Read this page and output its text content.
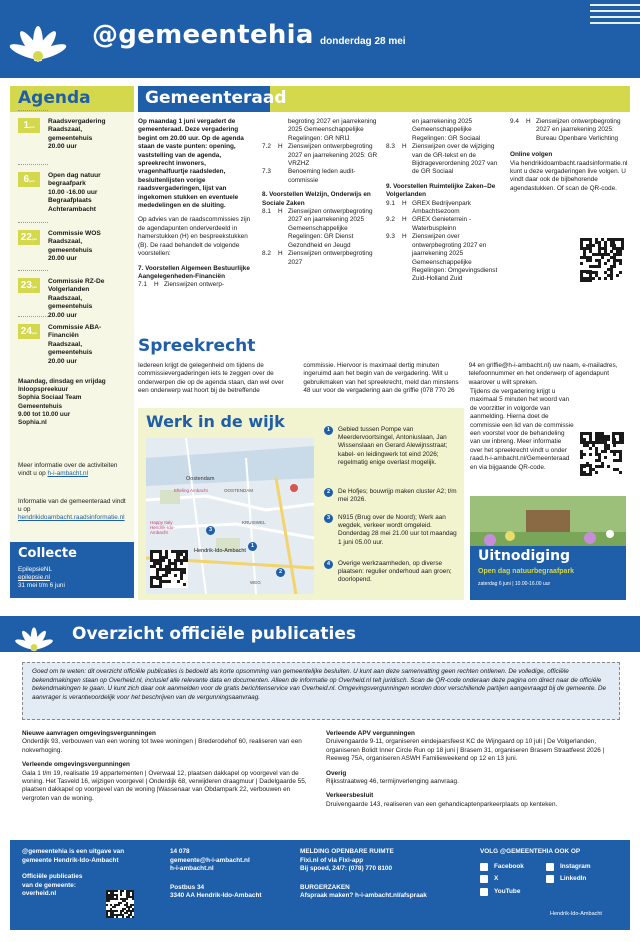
@gemeentehia donderdag 28 mei
Agenda
1juni
Raadsvergadering
Raadszaal,
gemeentehuis
20.00 uur
6juni
Open dag natuur begraafpark
10.00 -16.00 uur
Begraafplaats
Achterambacht
22juni
Commissie WOS
Raadszaal,
gemeentehuis
20.00 uur
23juni
Commissie RZ-De Volgerlanden
Raadszaal,
gemeentehuis
20.00 uur
24juni
Commissie ABA-Financiën
Raadszaal,
gemeentehuis
20.00 uur
Maandag, dinsdag en vrijdag
Inloopspreekuur
Sophia Sociaal Team
Gemeentehuis
9.00 tot 10.00 uur
Sophia.nl
Meer informatie over de activiteiten vindt u op h-i-ambacht.nl
Informatie van de gemeenteraad vindt u op hendrikidoambacht.raadsinformatie.nl
Collecte
EpilepsieNL
epilepsie.nl
31 mei t/m 6 juni
Gemeenteraad
Op maandag 1 juni vergadert de gemeenteraad. Deze vergadering begint om 20.00 uur. Op de agenda staan de vaste punten: opening, vaststelling van de agenda, spreekrecht inwoners, vragenhalfuurtje raadsleden, besluitenlijsten vorige raadsvergaderingen, lijst van ingekomen stukken en eventuele mededelingen en de sluiting.
Op advies van de raadscommissies zijn de agendapunten onderverdeeld in hamerstukken (H) en bespreekstukken (B). De raad behandelt de volgende voorstellen:
7. Voorstellen Algemeen Bestuurlijke Aangelegenheden-Financiën
7.1	H Zienswijzen ontwerp-
begroting 2027 en jaarrekening 2025 Gemeenschappelijke Regelingen: GR NRIJ
7.2	H Zienswijzen ontwerpbegroting 2027 en jaarrekening 2025: GR VRZHZ
7.3	Benoeming leden audit-commissie
8. Voorstellen Welzijn, Onderwijs en Sociale Zaken
8.1	H Zienswijzen ontwerpbegroting 2027 en jaarrekening 2025 Gemeenschappelijke Regelingen: GR Dienst Gezondheid en Jeugd
8.2	H Zienswijzen ontwerpbegroting 2027
en jaarrekening 2025 Gemeenschappelijke Regelingen: GR Sociaal
8.3	H Zienswijzen over de wijziging van de GR-tekst en de Bijdrageverordening 2027 van de GR Sociaal
9. Voorstellen Ruimtelijke Zaken–De Volgerlanden
9.1	H GREX Bedrijvenpark Ambachtsezoom
9.2	H GREX Genieterrein - Waterbuspleinn
9.3	H Zienswijzen over ontwerpbegroting 2027 en jaarrekening 2025 Gemeenschappelijke Regelingen: Omgevingsdienst Zuid-Holland Zuid
9.4	H Zienswijzen ontwerpbegroting 2027 en jaarrekening 2025: Bureau Openbare Verlichting
Online volgen
Via hendrikidoambacht.raadsinformatie.nl kunt u deze vergaderingen live volgen. U vindt daar ook de bijbehorende agendastukken. Of scan de QR-code.
Spreekrecht
Iedereen krijgt de gelegenheid om tijdens de commissievergaderingen iets te zeggen over de onderwerpen die op de agenda staan, dan wel over een onderwerp wat hoort bij de betreffende commissie. Hiervoor is maximaal dertig minuten ingeruimd aan het begin van de vergadering. Wilt u gebruikmaken van het spreekrecht, meld dan minstens 48 uur voor de vergadering aan de griffie (078 770 26 94 en griffie@h-i-ambacht.nl) uw naam, e-mailadres, telefoonnummer en het onderwerp of agendapunt waarover u wilt spreken.
Tijdens de vergadering krijgt u maximaal 5 minuten het woord van de voorzitter in volgorde van aanmelding. Hierna doet de commissie een lid van de commissie een voorstel voor de behandeling van uw inbreng. Meer informatie over het spreekrecht vindt u onder raad.h-i-ambacht.nl/Gemeenteraad en via bijgaande QR-code.
Werk in de wijk
Oostendam
OOSTENDAM
KRUISWEL
Hendrik-Ido-Ambacht
Happy Italy Hendrik-Ido-Ambacht
WEG
Efteling Ambacht
3
1
2
1	Gebied tussen Pompe van Meerdervoortsingel, Antoniuslaan, Jan Wissenslaan en Gerard Alewijnsstraat; kabel- en leidingwerk tot eind 2026; regelmatig enige overlast mogelijk.
2	De Hofjes; bouwrijp maken cluster A2; t/m mei 2026.
3	N915 (Brug over de Noord); Werk aan wegdek, verkeer wordt omgeleid. Donderdag 28 mei 21.00 uur tot maandag 1 juni 05.00 uur.
4	Overige werkzaamheden, op diverse plaatsen: regulier onderhoud aan groen; doorlopend.
Uitnodiging
Open dag natuurbegraafpark
zaterdag 6 juni | 10.00-16.00 uur
Overzicht officiële publicaties
Goed om te weten: dit overzicht officiële publicaties is bedoeld als korte opsomming van gemeentelijke besluiten. U kunt aan deze samenvatting geen rechten ontlenen. De volledige, officiële bekendmakingen staan op Overheid.nl, inclusief alle relevante data en documenten. Alleen de informatie op Overheid.nl telt juridisch. Scan de QR-code onderaan deze pagina om direct naar de officiële bekendmakingen te gaan. U kunt zich daar ook aanmelden voor de gratis berichtenservice van Overheid.nl. Omgevingsvergunningen worden door verschillende partijen aangevraagd bij de gemeente. De aanvrager is verantwoordelijk voor het beschrijven van de vergunningsaanvraag.
Nieuwe aanvragen omgevingsvergunningen
Onderdijk 93, verbouwen van een woning tot twee woningen | Brederodehof 60, realiseren van een nokverhoging.
Verleende omgevingsvergunningen
Gala 1 t/m 19, realisatie 19 appartementen | Overwaal 12, plaatsen dakkapel op voorgevel van de woning. Het Tasveld 16, wijzigen voorgevel | Onderdijk 68, verwijderen draagmuur | Dadelgaarde 55, plaatsen dakkapel op voorgevel van de woning |Wassenaar van Obdampark 22, verbouwen en vergroten van de woning.
Verleende APV vergunningen
Druivengaarde 9-11, organiseren eindejaarsfeest KC de Wijngaard op 10 juli | De Volgerlanden, organiseren Bolidt Inner Circle Run op 18 juni | Brasem 31, organiseren Brasem Straatfeest 2026 | Reeweg 75A, organiseren ASWH Familieweekend op 12 en 13 juni.
Overig
Rijksstraatweg 46, termijnverlenging aanvraag.
Verkeersbesluit
Druivengaarde 143, realiseren van een gehandicaptenparkeerplaats op kenteken.
@gemeentehia is een uitgave van
gemeente Hendrik-Ido-Ambacht
Officiële publicaties
van de gemeente:
overheid.nl
14 078
gemeente@h-i-ambacht.nl
h-i-ambacht.nl
Postbus 34
3340 AA Hendrik-Ido-Ambacht
MELDING OPENBARE RUIMTE
Fixi.nl of via Fixi-app
Bij spoed, 24/7: (078) 770 8100
BURGERZAKEN
Afspraak maken? h-i-ambacht.nl/afspraak
VOLG @GEMEENTEHIA OOK OP
Facebook	Instagram
X	LinkedIn
YouTube
Hendrik-Ido-Ambacht
